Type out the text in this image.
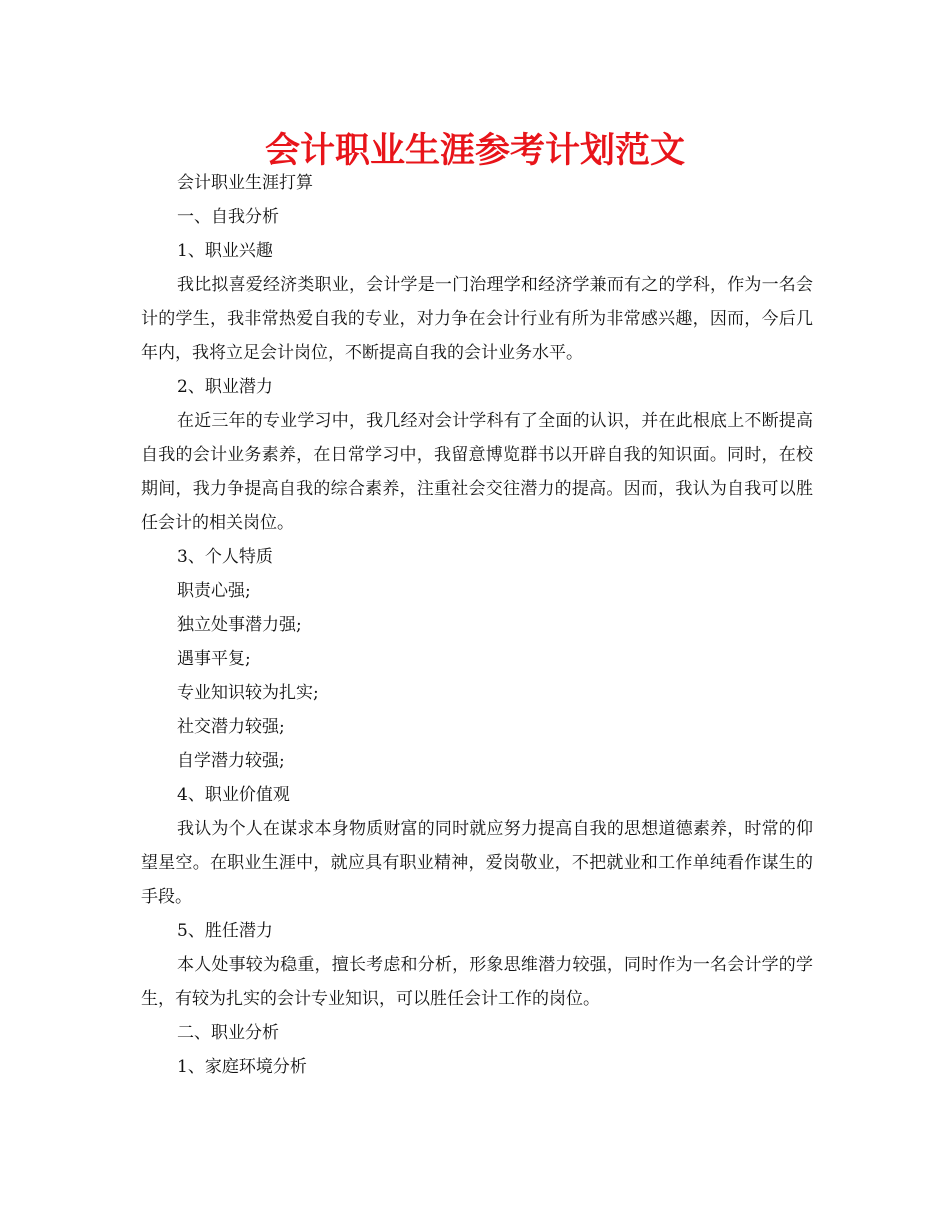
会计职业生涯参考计划范文

会计职业生涯打算

一、自我分析

1、职业兴趣

我比拟喜爱经济类职业，会计学是一门治理学和经济学兼而有之的学科，作为一名会计的学生，我非常热爱自我的专业，对力争在会计行业有所为非常感兴趣，因而，今后几年内，我将立足会计岗位，不断提高自我的会计业务水平。

2、职业潜力

在近三年的专业学习中，我几经对会计学科有了全面的认识，并在此根底上不断提高自我的会计业务素养，在日常学习中，我留意博览群书以开辟自我的知识面。同时，在校期间，我力争提高自我的综合素养，注重社会交往潜力的提高。因而，我认为自我可以胜任会计的相关岗位。

3、个人特质

职责心强;

独立处事潜力强;

遇事平复;

专业知识较为扎实;

社交潜力较强;

自学潜力较强;

4、职业价值观

我认为个人在谋求本身物质财富的同时就应努力提高自我的思想道德素养，时常的仰望星空。在职业生涯中，就应具有职业精神，爱岗敬业，不把就业和工作单纯看作谋生的手段。

5、胜任潜力

本人处事较为稳重，擅长考虑和分析，形象思维潜力较强，同时作为一名会计学的学生，有较为扎实的会计专业知识，可以胜任会计工作的岗位。

二、职业分析

1、家庭环境分析
